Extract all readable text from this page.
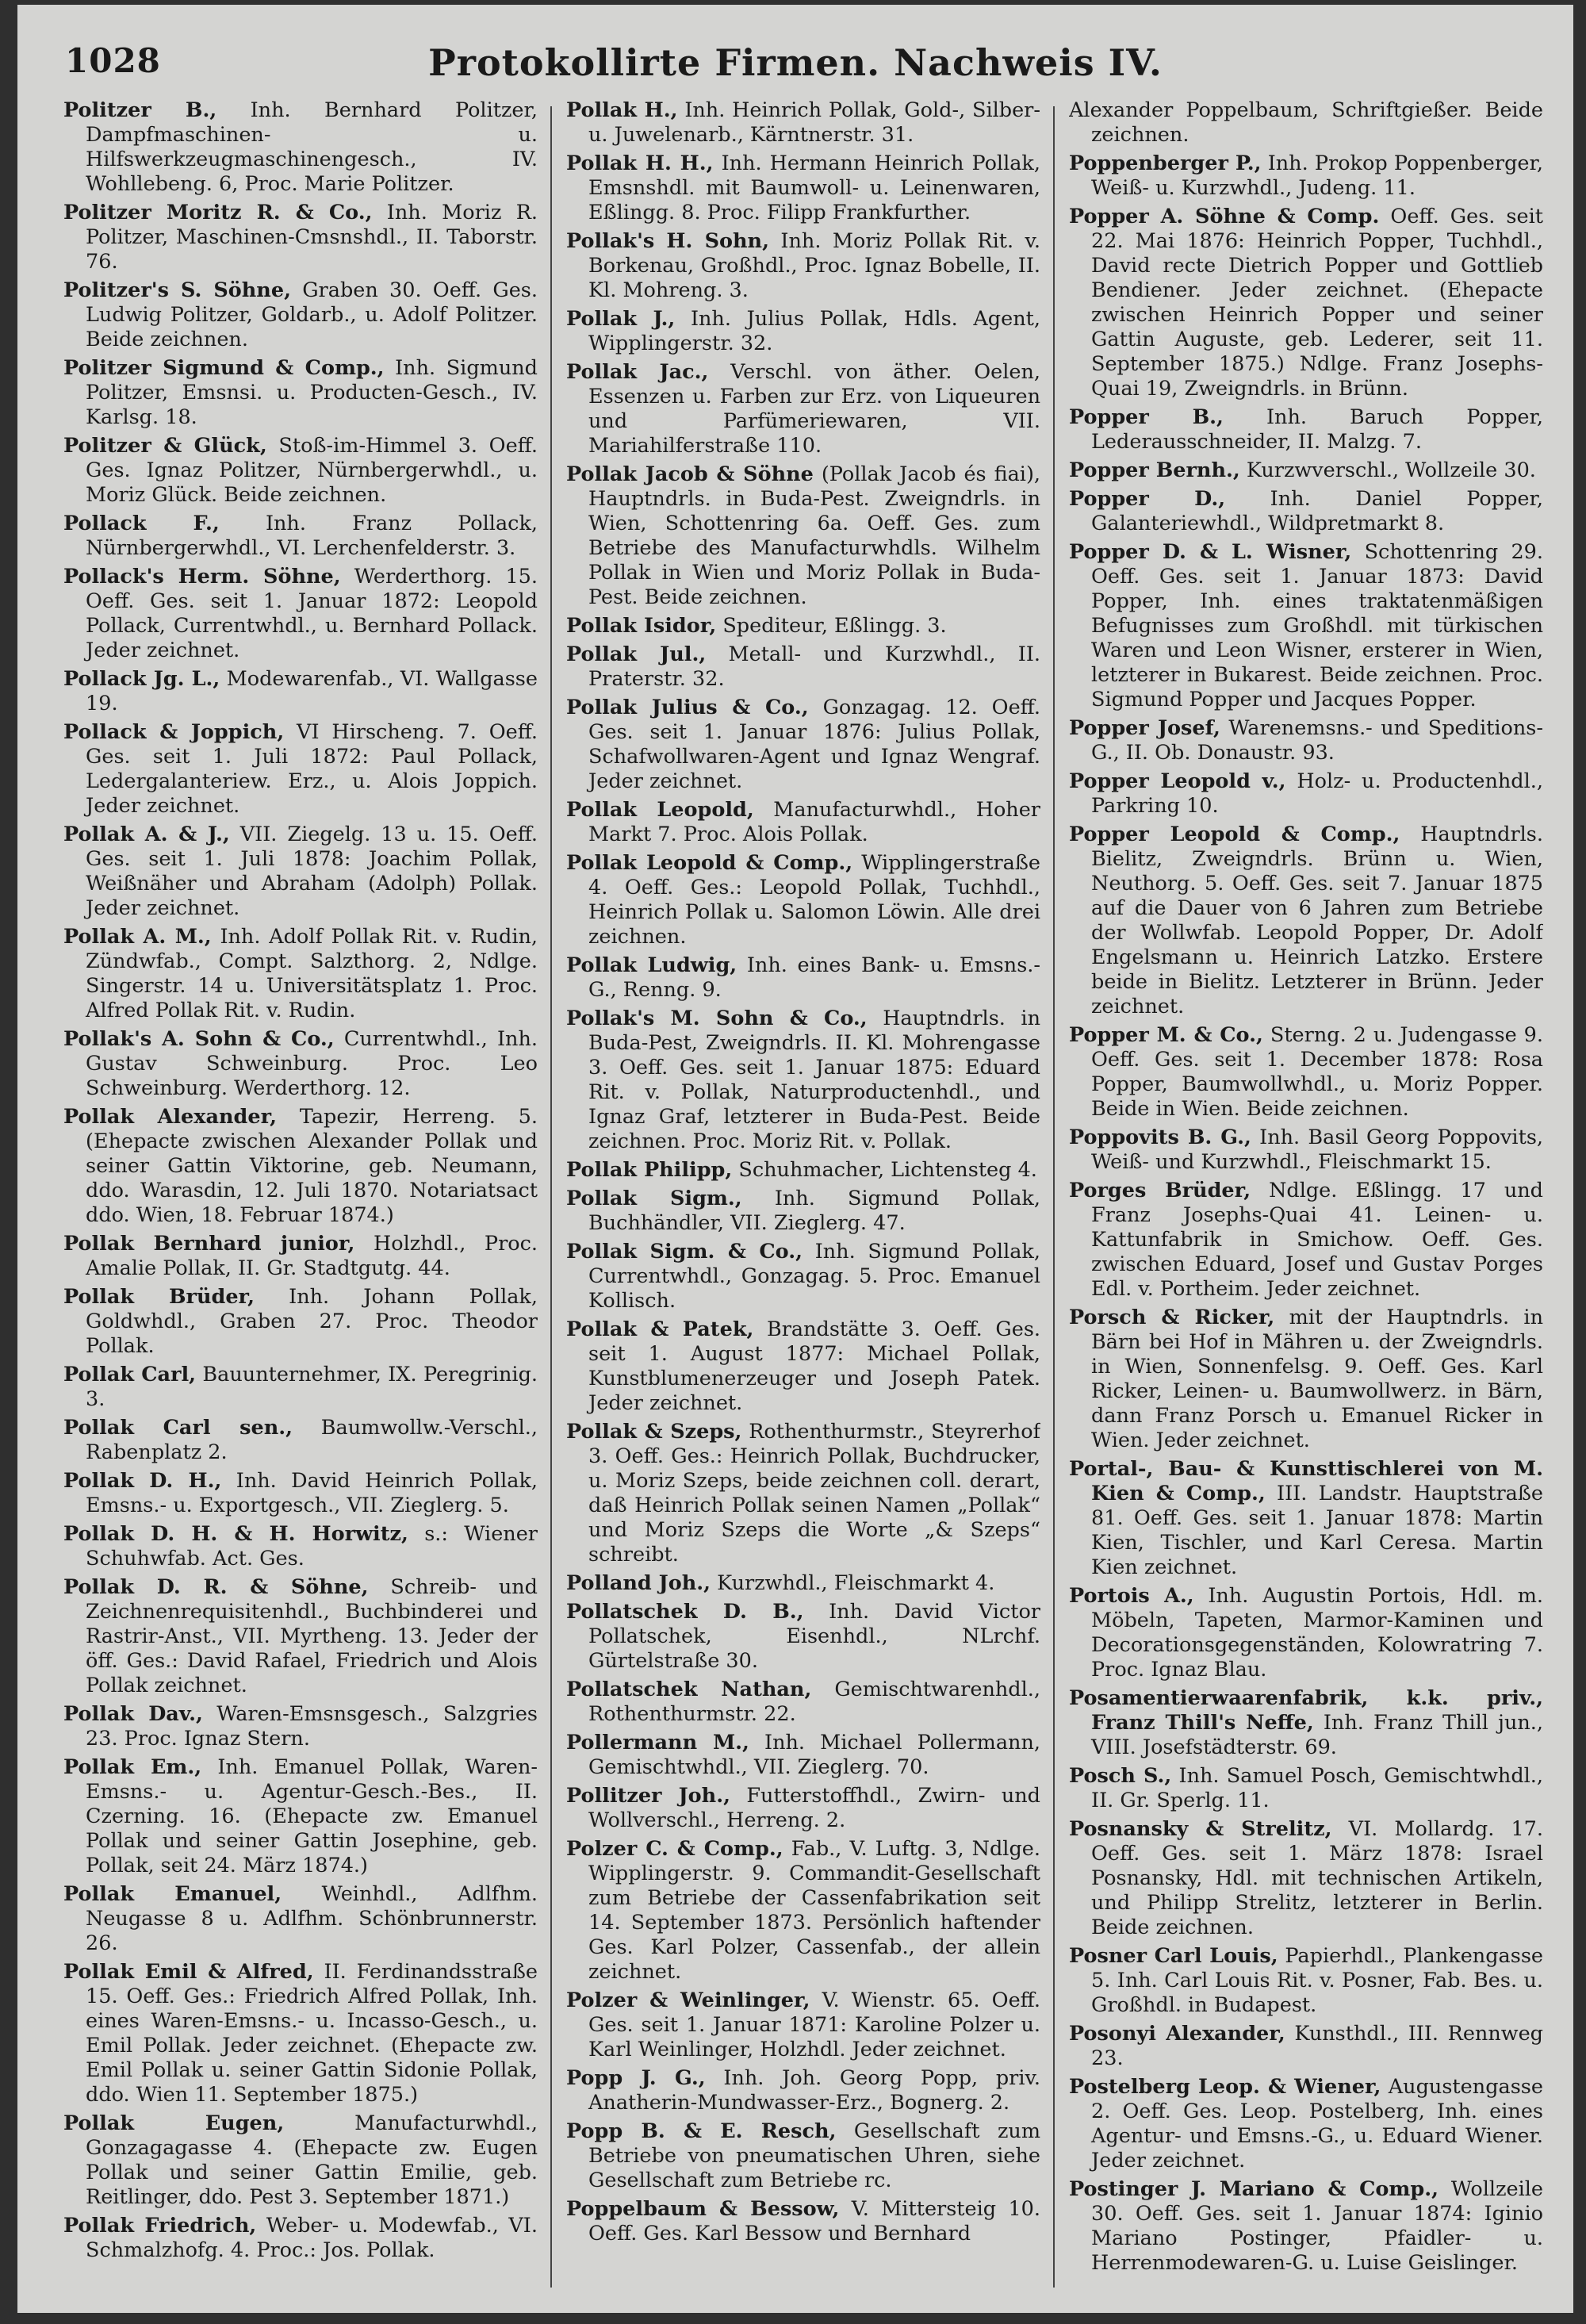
1028	Protokollirte Firmen. Nachweis IV.

Politzer B., Inh. Bernhard Politzer, Dampfmaschinen- u. Hilfswerkzeugmaschinengesch., IV. Wohllebeng. 6, Proc. Marie Politzer.

Politzer Moritz R. & Co., Inh. Moriz R. Politzer, Maschinen-Cmsnshdl., II. Taborstr. 76.

Politzer's S. Söhne, Graben 30. Oeff. Ges. Ludwig Politzer, Goldarb., u. Adolf Politzer. Beide zeichnen.

Politzer Sigmund & Comp., Inh. Sigmund Politzer, Emsnsi. u. Producten-Gesch., IV. Karlsg. 18.

Politzer & Glück, Stoß-im-Himmel 3. Oeff. Ges. Ignaz Politzer, Nürnbergerwhdl., u. Moriz Glück. Beide zeichnen.

Pollack F., Inh. Franz Pollack, Nürnbergerwhdl., VI. Lerchenfelderstr. 3.

Pollack's Herm. Söhne, Werderthorg. 15. Oeff. Ges. seit 1. Januar 1872: Leopold Pollack, Currentwhdl., u. Bernhard Pollack. Jeder zeichnet.

Pollack Jg. L., Modewarenfab., VI. Wallgasse 19.

Pollack & Joppich, VI Hirscheng. 7. Oeff. Ges. seit 1. Juli 1872: Paul Pollack, Ledergalanteriew. Erz., u. Alois Joppich. Jeder zeichnet.

Pollak A. & J., VII. Ziegelg. 13 u. 15. Oeff. Ges. seit 1. Juli 1878: Joachim Pollak, Weißnäher und Abraham (Adolph) Pollak. Jeder zeichnet.

Pollak A. M., Inh. Adolf Pollak Rit. v. Rudin, Zündwfab., Compt. Salzthorg. 2, Ndlge. Singerstr. 14 u. Universitätsplatz 1. Proc. Alfred Pollak Rit. v. Rudin.

Pollak's A. Sohn & Co., Currentwhdl., Inh. Gustav Schweinburg. Proc. Leo Schweinburg. Werderthorg. 12.

Pollak Alexander, Tapezir, Herreng. 5. (Ehepacte zwischen Alexander Pollak und seiner Gattin Viktorine, geb. Neumann, ddo. Warasdin, 12. Juli 1870. Notariatsact ddo. Wien, 18. Februar 1874.)

Pollak Bernhard junior, Holzhdl., Proc. Amalie Pollak, II. Gr. Stadtgutg. 44.

Pollak Brüder, Inh. Johann Pollak, Goldwhdl., Graben 27. Proc. Theodor Pollak.

Pollak Carl, Bauunternehmer, IX. Peregrinig. 3.

Pollak Carl sen., Baumwollw.-Verschl., Rabenplatz 2.

Pollak D. H., Inh. David Heinrich Pollak, Emsns.- u. Exportgesch., VII. Zieglerg. 5.

Pollak D. H. & H. Horwitz, s.: Wiener Schuhwfab. Act. Ges.

Pollak D. R. & Söhne, Schreib- und Zeichnenrequisitenhdl., Buchbinderei und Rastrir-Anst., VII. Myrtheng. 13. Jeder der öff. Ges.: David Rafael, Friedrich und Alois Pollak zeichnet.

Pollak Dav., Waren-Emsnsgesch., Salzgries 23. Proc. Ignaz Stern.

Pollak Em., Inh. Emanuel Pollak, Waren-Emsns.- u. Agentur-Gesch.-Bes., II. Czerning. 16. (Ehepacte zw. Emanuel Pollak und seiner Gattin Josephine, geb. Pollak, seit 24. März 1874.)

Pollak Emanuel, Weinhdl., Adlfhm. Neugasse 8 u. Adlfhm. Schönbrunnerstr. 26.

Pollak Emil & Alfred, II. Ferdinandsstraße 15. Oeff. Ges.: Friedrich Alfred Pollak, Inh. eines Waren-Emsns.- u. Incasso-Gesch., u. Emil Pollak. Jeder zeichnet. (Ehepacte zw. Emil Pollak u. seiner Gattin Sidonie Pollak, ddo. Wien 11. September 1875.)

Pollak Eugen,	Manufacturwhdl., Gonzagagasse 4. (Ehepacte zw. Eugen Pollak und seiner Gattin Emilie, geb. Reitlinger, ddo. Pest 3. September 1871.)

Pollak Friedrich, Weber- u. Modewfab., VI. Schmalzhofg. 4. Proc.: Jos. Pollak.

Pollak H., Inh. Heinrich Pollak, Gold-, Silber- u. Juwelenarb., Kärntnerstr. 31.

Pollak H. H., Inh. Hermann Heinrich Pollak, Emsnshdl. mit Baumwoll- u. Leinenwaren, Eßlingg. 8. Proc. Filipp Frankfurther.

Pollak's H. Sohn, Inh. Moriz Pollak Rit. v. Borkenau, Großhdl., Proc. Ignaz Bobelle, II. Kl. Mohreng. 3.

Pollak J., Inh. Julius Pollak, Hdls. Agent, Wipplingerstr. 32.

Pollak Jac., Verschl. von äther. Oelen, Essenzen u. Farben zur Erz. von Liqueuren und Parfümeriewaren, VII. Mariahilferstraße 110.

Pollak Jacob & Söhne (Pollak Jacob és fiai), Hauptndrls. in Buda-Pest. Zweigndrls. in Wien, Schottenring 6a. Oeff. Ges. zum Betriebe des Manufacturwhdls. Wilhelm Pollak in Wien und Moriz Pollak in Buda-Pest. Beide zeichnen.

Pollak Isidor, Spediteur, Eßlingg. 3.

Pollak Jul., Metall- und Kurzwhdl., II. Praterstr. 32.

Pollak Julius & Co., Gonzagag. 12. Oeff. Ges. seit 1. Januar 1876: Julius Pollak, Schafwollwaren-Agent und Ignaz Wengraf. Jeder zeichnet.

Pollak Leopold, Manufacturwhdl., Hoher Markt 7. Proc. Alois Pollak.

Pollak Leopold & Comp., Wipplingerstraße 4. Oeff. Ges.: Leopold Pollak, Tuchhdl., Heinrich Pollak u. Salomon Löwin. Alle drei zeichnen.

Pollak Ludwig, Inh. eines Bank- u. Emsns.-G., Renng. 9.

Pollak's M. Sohn & Co., Hauptndrls. in Buda-Pest, Zweigndrls. II. Kl. Mohrengasse 3. Oeff. Ges. seit 1. Januar 1875: Eduard Rit. v. Pollak, Naturproductenhdl., und Ignaz Graf, letzterer in Buda-Pest. Beide zeichnen. Proc. Moriz Rit. v. Pollak.

Pollak Philipp, Schuhmacher, Lichtensteg 4.

Pollak Sigm., Inh. Sigmund Pollak, Buchhändler, VII. Zieglerg. 47.

Pollak Sigm. & Co., Inh. Sigmund Pollak, Currentwhdl., Gonzagag. 5. Proc. Emanuel Kollisch.

Pollak & Patek, Brandstätte 3. Oeff. Ges. seit 1. August 1877: Michael Pollak, Kunstblumenerzeuger und Joseph Patek. Jeder zeichnet.

Pollak & Szeps, Rothenthurmstr., Steyrerhof 3. Oeff. Ges.: Heinrich Pollak, Buchdrucker, u. Moriz Szeps, beide zeichnen coll. derart, daß Heinrich Pollak seinen Namen „Pollak“ und Moriz Szeps die Worte „& Szeps“ schreibt.

Polland Joh., Kurzwhdl., Fleischmarkt 4.

Pollatschek D. B., Inh. David Victor Pollatschek, Eisenhdl., NLrchf. Gürtelstraße 30.

Pollatschek Nathan, Gemischtwarenhdl., Rothenthurmstr. 22.

Pollermann M., Inh. Michael Pollermann, Gemischtwhdl., VII. Zieglerg. 70.

Pollitzer Joh., Futterstoffhdl., Zwirn- und Wollverschl., Herreng. 2.

Polzer C. & Comp., Fab., V. Luftg. 3, Ndlge. Wipplingerstr. 9. Commandit-Gesellschaft zum Betriebe der Cassenfabrikation seit 14. September 1873. Persönlich haftender Ges. Karl Polzer, Cassenfab., der allein zeichnet.

Polzer & Weinlinger, V. Wienstr. 65. Oeff. Ges. seit 1. Januar 1871: Karoline Polzer u. Karl Weinlinger, Holzhdl. Jeder zeichnet.

Popp J. G., Inh. Joh. Georg Popp, priv. Anatherin-Mundwasser-Erz., Bognerg. 2.

Popp B. & E. Resch, Gesellschaft zum Betriebe von pneumatischen Uhren, siehe Gesellschaft zum Betriebe rc.

Poppelbaum & Bessow, V. Mittersteig 10. Oeff. Ges. Karl Bessow und Bernhard

Alexander Poppelbaum, Schriftgießer. Beide zeichnen.

Poppenberger P., Inh. Prokop Poppenberger, Weiß- u. Kurzwhdl., Judeng. 11.

Popper A. Söhne & Comp. Oeff. Ges. seit 22. Mai 1876: Heinrich Popper, Tuchhdl., David recte Dietrich Popper und Gottlieb Bendiener. Jeder zeichnet. (Ehepacte zwischen Heinrich Popper und seiner Gattin Auguste, geb. Lederer, seit 11. September 1875.) Ndlge. Franz Josephs-Quai 19, Zweigndrls. in Brünn.

Popper B., Inh. Baruch Popper, Lederausschneider, II. Malzg. 7.

Popper Bernh., Kurzwverschl., Wollzeile 30.

Popper D., Inh. Daniel Popper, Galanteriewhdl., Wildpretmarkt 8.

Popper D. & L. Wisner, Schottenring 29. Oeff. Ges. seit 1. Januar 1873: David Popper, Inh. eines traktatenmäßigen Befugnisses zum Großhdl. mit türkischen Waren und Leon Wisner, ersterer in Wien, letzterer in Bukarest. Beide zeichnen. Proc. Sigmund Popper und Jacques Popper.

Popper Josef, Warenemsns.- und Speditions-G., II. Ob. Donaustr. 93.

Popper Leopold v., Holz- u. Productenhdl., Parkring 10.

Popper Leopold & Comp., Hauptndrls. Bielitz, Zweigndrls. Brünn u. Wien, Neuthorg. 5. Oeff. Ges. seit 7. Januar 1875 auf die Dauer von 6 Jahren zum Betriebe der Wollwfab. Leopold Popper, Dr. Adolf Engelsmann u. Heinrich Latzko. Erstere beide in Bielitz. Letzterer in Brünn. Jeder zeichnet.

Popper M. & Co., Sterng. 2 u. Judengasse 9. Oeff. Ges. seit 1. December 1878: Rosa Popper, Baumwollwhdl., u. Moriz Popper. Beide in Wien. Beide zeichnen.

Poppovits B. G., Inh. Basil Georg Poppovits, Weiß- und Kurzwhdl., Fleischmarkt 15.

Porges Brüder, Ndlge. Eßlingg. 17 und Franz Josephs-Quai 41. Leinen- u. Kattunfabrik in Smichow. Oeff. Ges. zwischen Eduard, Josef und Gustav Porges Edl. v. Portheim. Jeder zeichnet.

Porsch & Ricker, mit der Hauptndrls. in Bärn bei Hof in Mähren u. der Zweigndrls. in Wien, Sonnenfelsg. 9. Oeff. Ges. Karl Ricker, Leinen- u. Baumwollwerz. in Bärn, dann Franz Porsch u. Emanuel Ricker in Wien. Jeder zeichnet.

Portal-, Bau- & Kunsttischlerei von M. Kien & Comp., III. Landstr. Hauptstraße 81. Oeff. Ges. seit 1. Januar 1878: Martin Kien, Tischler, und Karl Ceresa. Martin Kien zeichnet.

Portois A., Inh. Augustin Portois, Hdl. m. Möbeln, Tapeten, Marmor-Kaminen und Decorationsgegenständen, Kolowratring 7. Proc. Ignaz Blau.

Posamentierwaarenfabrik, k.k. priv., Franz Thill's Neffe, Inh. Franz Thill jun., VIII. Josefstädterstr. 69.

Posch S., Inh. Samuel Posch, Gemischtwhdl., II. Gr. Sperlg. 11.

Posnansky & Strelitz, VI. Mollardg. 17. Oeff. Ges. seit 1. März 1878: Israel Posnansky, Hdl. mit technischen Artikeln, und Philipp Strelitz, letzterer in Berlin. Beide zeichnen.

Posner Carl Louis, Papierhdl., Plankengasse 5. Inh. Carl Louis Rit. v. Posner, Fab. Bes. u. Großhdl. in Budapest.

Posonyi Alexander, Kunsthdl., III. Rennweg 23.

Postelberg Leop. & Wiener, Augustengasse 2. Oeff. Ges. Leop. Postelberg, Inh. eines Agentur- und Emsns.-G., u. Eduard Wiener. Jeder zeichnet.

Postinger J. Mariano & Comp., Wollzeile 30. Oeff. Ges. seit 1. Januar 1874: Iginio Mariano Postinger, Pfaidler- u. Herrenmodewaren-G. u. Luise Geislinger.
